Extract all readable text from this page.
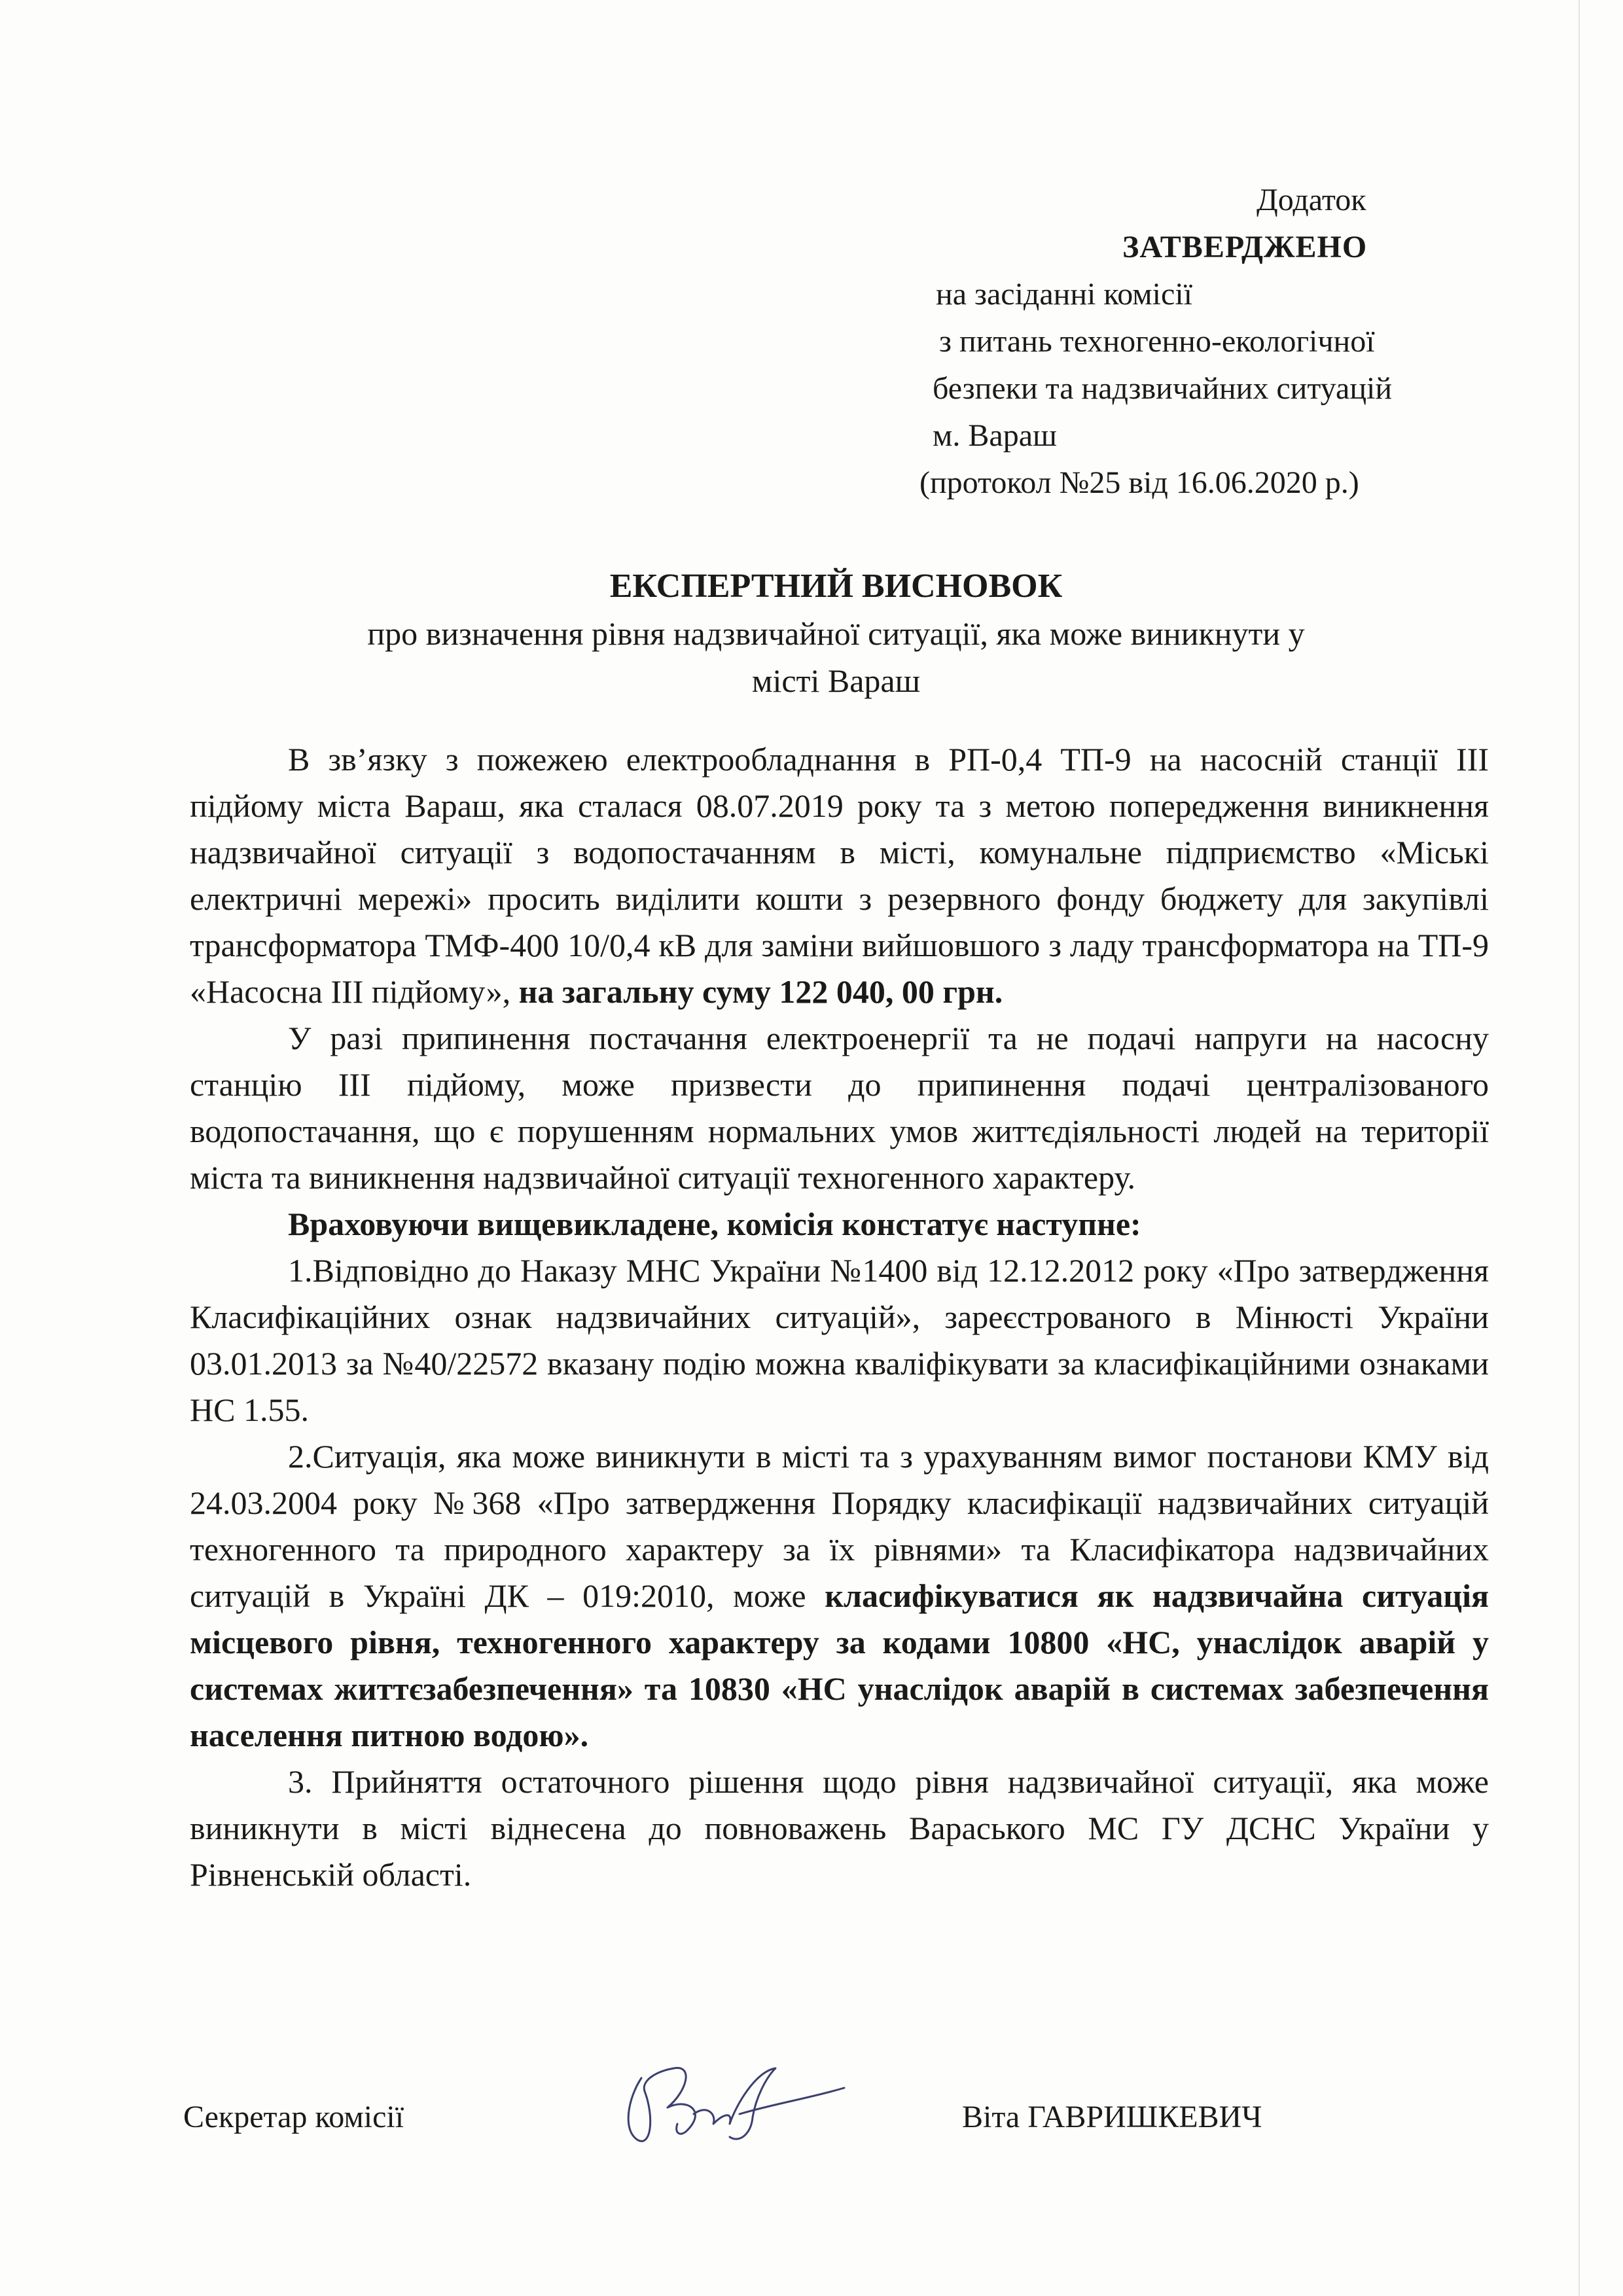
Додаток
ЗАТВЕРДЖЕНО
на засіданні комісії
з питань техногенно-екологічної
безпеки та надзвичайних ситуацій
м. Вараш
(протокол №25 від 16.06.2020 р.)
ЕКСПЕРТНИЙ ВИСНОВОК
про визначення рівня надзвичайної ситуації, яка може виникнути у місті Вараш

В зв’язку з пожежею електрообладнання в РП-0,4 ТП-9 на насосній станції ІІІ підйому міста Вараш, яка сталася 08.07.2019 року та з метою попередження виникнення надзвичайної ситуації з водопостачанням в місті, комунальне підприємство «Міські електричні мережі» просить виділити кошти з резервного фонду бюджету для закупівлі трансформатора ТМФ-400 10/0,4 кВ для заміни вийшовшого з ладу трансформатора на ТП-9 «Насосна ІІІ підйому», на загальну суму 122 040, 00 грн.

У разі припинення постачання електроенергії та не подачі напруги на насосну станцію ІІІ підйому, може призвести до припинення подачі централізованого водопостачання, що є порушенням нормальних умов життєдіяльності людей на території міста та виникнення надзвичайної ситуації техногенного характеру.

Враховуючи вищевикладене, комісія констатує наступне:

1.Відповідно до Наказу МНС України №1400 від 12.12.2012 року «Про затвердження Класифікаційних ознак надзвичайних ситуацій», зареєстрованого в Мінюсті України 03.01.2013 за №40/22572 вказану подію можна кваліфікувати за класифікаційними ознаками НС 1.55.

2.Ситуація, яка може виникнути в місті та з урахуванням вимог постанови КМУ від 24.03.2004 року №368 «Про затвердження Порядку класифікації надзвичайних ситуацій техногенного та природного характеру за їх рівнями» та Класифікатора надзвичайних ситуацій в Україні ДК – 019:2010, може класифікуватися як надзвичайна ситуація місцевого рівня, техногенного характеру за кодами 10800 «НС, унаслідок аварій у системах життєзабезпечення» та 10830 «НС унаслідок аварій в системах забезпечення населення питною водою».

3. Прийняття остаточного рішення щодо рівня надзвичайної ситуації, яка може виникнути в місті віднесена до повноважень Вараського МС ГУ ДСНС України у Рівненській області.

Секретар комісії	Віта ГАВРИШКЕВИЧ
